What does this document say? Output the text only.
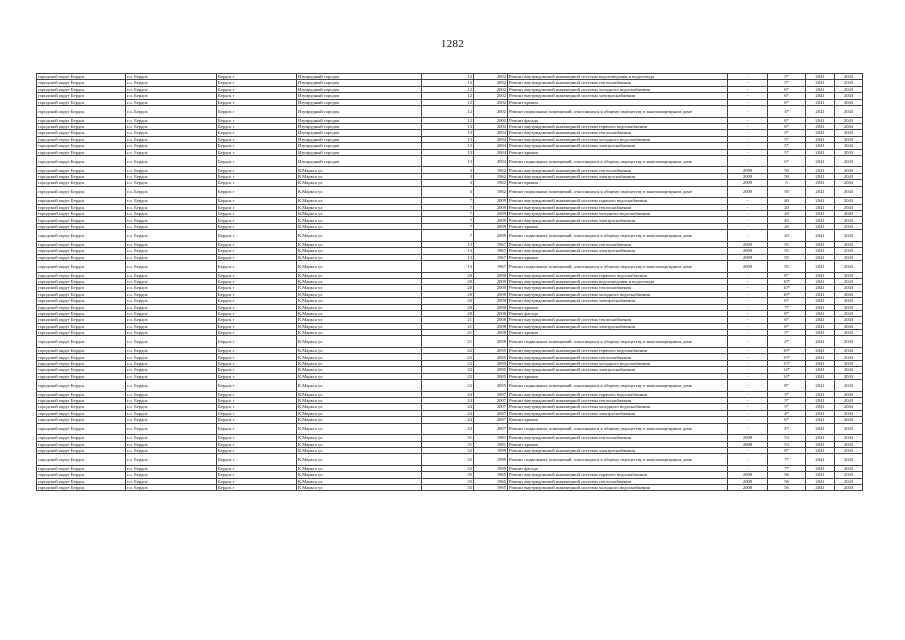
1282
городской округ Бердск	г.о. Бердск	Бердск г	Изумрудный городок	12	2002	Ремонт внутридомовой инженерной системы водоотведения и водоотвода	-	5*	2041	2043
городской округ Бердск	г.о. Бердск	Бердск г	Изумрудный городок	12	2002	Ремонт внутридомовой инженерной системы теплоснабжения	-	5*	2041	2043
городской округ Бердск	г.о. Бердск	Бердск г	Изумрудный городок	12	2002	Ремонт внутридомовой инженерной системы холодного водоснабжения	-	6*	2041	2043
городской округ Бердск	г.о. Бердск	Бердск г	Изумрудный городок	12	2002	Ремонт внутридомовой инженерной системы электроснабжения	-	6*	2041	2043
городской округ Бердск	г.о. Бердск	Бердск г	Изумрудный городок	12	2002	Ремонт крыши	-	6*	2041	2043
городской округ Бердск	г.о. Бердск	Бердск г	Изумрудный городок	12	2002	Ремонт подвальных помещений, относящихся к общему имуществу в многоквартирном доме	-	4*	2041	2043
городской округ Бердск	г.о. Бердск	Бердск г	Изумрудный городок	12	2002	Ремонт фасада	-	6*	2041	2043
городской округ Бердск	г.о. Бердск	Бердск г	Изумрудный городок	13	2004	Ремонт внутридомовой инженерной системы горячего водоснабжения	-	6*	2041	2043
городской округ Бердск	г.о. Бердск	Бердск г	Изумрудный городок	13	2004	Ремонт внутридомовой инженерной системы теплоснабжения	-	5*	2041	2043
городской округ Бердск	г.о. Бердск	Бердск г	Изумрудный городок	13	2004	Ремонт внутридомовой инженерной системы холодного водоснабжения	-	5*	2041	2043
городской округ Бердск	г.о. Бердск	Бердск г	Изумрудный городок	13	2004	Ремонт внутридомовой инженерной системы электроснабжения	-	5*	2041	2043
городской округ Бердск	г.о. Бердск	Бердск г	Изумрудный городок	13	2004	Ремонт крыши	-	5*	2041	2043
городской округ Бердск	г.о. Бердск	Бердск г	Изумрудный городок	13	2004	Ремонт подвальных помещений, относящихся к общему имуществу в многоквартирном доме	-	6*	2041	2043
городской округ Бердск	г.о. Бердск	Бердск г	К.Маркса ул	3	1962	Ремонт внутридомовой инженерной системы теплоснабжения	2009	50	2041	2043
городской округ Бердск	г.о. Бердск	Бердск г	К.Маркса ул	3	1962	Ремонт внутридомовой инженерной системы электроснабжения	2009	50	2041	2043
городской округ Бердск	г.о. Бердск	Бердск г	К.Маркса ул	3	1962	Ремонт крыши	2009	5	2041	2043
городской округ Бердск	г.о. Бердск	Бердск г	К.Маркса ул	3	1962	Ремонт подвальных помещений, относящихся к общему имуществу в многоквартирном доме	2009	50	2041	2043
городской округ Бердск	г.о. Бердск	Бердск г	К.Маркса ул	7	2009	Ремонт внутридомовой инженерной системы горячего водоснабжения	-	40	2041	2043
городской округ Бердск	г.о. Бердск	Бердск г	К.Маркса ул	7	2009	Ремонт внутридомовой инженерной системы теплоснабжения	-	20	2041	2043
городской округ Бердск	г.о. Бердск	Бердск г	К.Маркса ул	7	2009	Ремонт внутридомовой инженерной системы холодного водоснабжения	-	20	2041	2043
городской округ Бердск	г.о. Бердск	Бердск г	К.Маркса ул	7	2009	Ремонт внутридомовой инженерной системы электроснабжения	-	40	2041	2043
городской округ Бердск	г.о. Бердск	Бердск г	К.Маркса ул	7	2009	Ремонт крыши	-	20	2041	2043
городской округ Бердск	г.о. Бердск	Бердск г	К.Маркса ул	7	2009	Ремонт подвальных помещений, относящихся к общему имуществу в многоквартирном доме	-	20	2041	2043
городской округ Бердск	г.о. Бердск	Бердск г	К.Маркса ул	13	1967	Ремонт внутридомовой инженерной системы теплоснабжения	2009	55	2041	2043
городской округ Бердск	г.о. Бердск	Бердск г	К.Маркса ул	13	1967	Ремонт внутридомовой инженерной системы электроснабжения	2009	55	2041	2043
городской округ Бердск	г.о. Бердск	Бердск г	К.Маркса ул	13	1967	Ремонт крыши	2009	55	2041	2043
городской округ Бердск	г.о. Бердск	Бердск г	К.Маркса ул	13	1967	Ремонт подвальных помещений, относящихся к общему имуществу в многоквартирном доме	2009	55	2041	2043
городской округ Бердск	г.о. Бердск	Бердск г	К.Маркса ул	20	2000	Ремонт внутридомовой инженерной системы горячего водоснабжения	-	8*	2041	2043
городской округ Бердск	г.о. Бердск	Бердск г	К.Маркса ул	20	2000	Ремонт внутридомовой инженерной системы водоотведения и водоотвода	-	10*	2041	2043
городской округ Бердск	г.о. Бердск	Бердск г	К.Маркса ул	20	2000	Ремонт внутридомовой инженерной системы теплоснабжения	-	10*	2041	2043
городской округ Бердск	г.о. Бердск	Бердск г	К.Маркса ул	20	2000	Ремонт внутридомовой инженерной системы холодного водоснабжения	-	10*	2041	2043
городской округ Бердск	г.о. Бердск	Бердск г	К.Маркса ул	20	2000	Ремонт внутридомовой инженерной системы электроснабжения	-	6*	2041	2043
городской округ Бердск	г.о. Бердск	Бердск г	К.Маркса ул	20	2000	Ремонт крыши	-	7*	2041	2043
городской округ Бердск	г.о. Бердск	Бердск г	К.Маркса ул	20	2000	Ремонт фасада	-	8*	2041	2043
городской округ Бердск	г.о. Бердск	Бердск г	К.Маркса ул	21	2008	Ремонт внутридомовой инженерной системы теплоснабжения	-	6*	2041	2043
городской округ Бердск	г.о. Бердск	Бердск г	К.Маркса ул	21	2008	Ремонт внутридомовой инженерной системы электроснабжения	-	6*	2041	2043
городской округ Бердск	г.о. Бердск	Бердск г	К.Маркса ул	21	2008	Ремонт крыши	-	5*	2041	2043
городской округ Бердск	г.о. Бердск	Бердск г	К.Маркса ул	21	2008	Ремонт подвальных помещений, относящихся к общему имуществу в многоквартирном доме	-	2*	2041	2043
городской округ Бердск	г.о. Бердск	Бердск г	К.Маркса ул	22	2005	Ремонт внутридомовой инженерной системы горячего водоснабжения	-	10*	2041	2043
городской округ Бердск	г.о. Бердск	Бердск г	К.Маркса ул	22	2005	Ремонт внутридомовой инженерной системы теплоснабжения	-	15*	2041	2043
городской округ Бердск	г.о. Бердск	Бердск г	К.Маркса ул	22	2005	Ремонт внутридомовой инженерной системы холодного водоснабжения	-	15*	2041	2043
городской округ Бердск	г.о. Бердск	Бердск г	К.Маркса ул	22	2005	Ремонт внутридомовой инженерной системы электроснабжения	-	14*	2041	2043
городской округ Бердск	г.о. Бердск	Бердск г	К.Маркса ул	22	2005	Ремонт крыши	-	14*	2041	2043
городской округ Бердск	г.о. Бердск	Бердск г	К.Маркса ул	22	2005	Ремонт подвальных помещений, относящихся к общему имуществу в многоквартирном доме	-	8*	2041	2043
городской округ Бердск	г.о. Бердск	Бердск г	К.Маркса ул	24	2007	Ремонт внутридомовой инженерной системы горячего водоснабжения	-	3*	2041	2043
городской округ Бердск	г.о. Бердск	Бердск г	К.Маркса ул	24	2007	Ремонт внутридомовой инженерной системы теплоснабжения	-	5*	2041	2043
городской округ Бердск	г.о. Бердск	Бердск г	К.Маркса ул	24	2007	Ремонт внутридомовой инженерной системы холодного водоснабжения	-	5*	2041	2043
городской округ Бердск	г.о. Бердск	Бердск г	К.Маркса ул	24	2007	Ремонт внутридомовой инженерной системы электроснабжения	-	4*	2041	2043
городской округ Бердск	г.о. Бердск	Бердск г	К.Маркса ул	24	2007	Ремонт крыши	-	6*	2041	2043
городской округ Бердск	г.о. Бердск	Бердск г	К.Маркса ул	24	2007	Ремонт подвальных помещений, относящихся к общему имуществу в многоквартирном доме	-	4*	2041	2043
городской округ Бердск	г.о. Бердск	Бердск г	К.Маркса ул	31	1981	Ремонт внутридомовой инженерной системы теплоснабжения	2008	53	2041	2043
городской округ Бердск	г.о. Бердск	Бердск г	К.Маркса ул	31	1981	Ремонт крыши	2008	53	2041	2043
городской округ Бердск	г.о. Бердск	Бердск г	К.Маркса ул	32	1999	Ремонт внутридомовой инженерной системы электроснабжения	-	8*	2041	2043
городской округ Бердск	г.о. Бердск	Бердск г	К.Маркса ул	32	1999	Ремонт подвальных помещений, относящихся к общему имуществу в многоквартирном доме	-	7*	2041	2043
городской округ Бердск	г.о. Бердск	Бердск г	К.Маркса ул	32	1999	Ремонт фасада	-	7*	2041	2043
городской округ Бердск	г.о. Бердск	Бердск г	К.Маркса ул	35	1965	Ремонт внутридомовой инженерной системы горячего водоснабжения	2008	56	2041	2043
городской округ Бердск	г.о. Бердск	Бердск г	К.Маркса ул	35	1965	Ремонт внутридомовой инженерной системы теплоснабжения	2008	56	2041	2043
городской округ Бердск	г.о. Бердск	Бердск г	К.Маркса ул	35	1965	Ремонт внутридомовой инженерной системы холодного водоснабжения	2008	56	2041	2043
